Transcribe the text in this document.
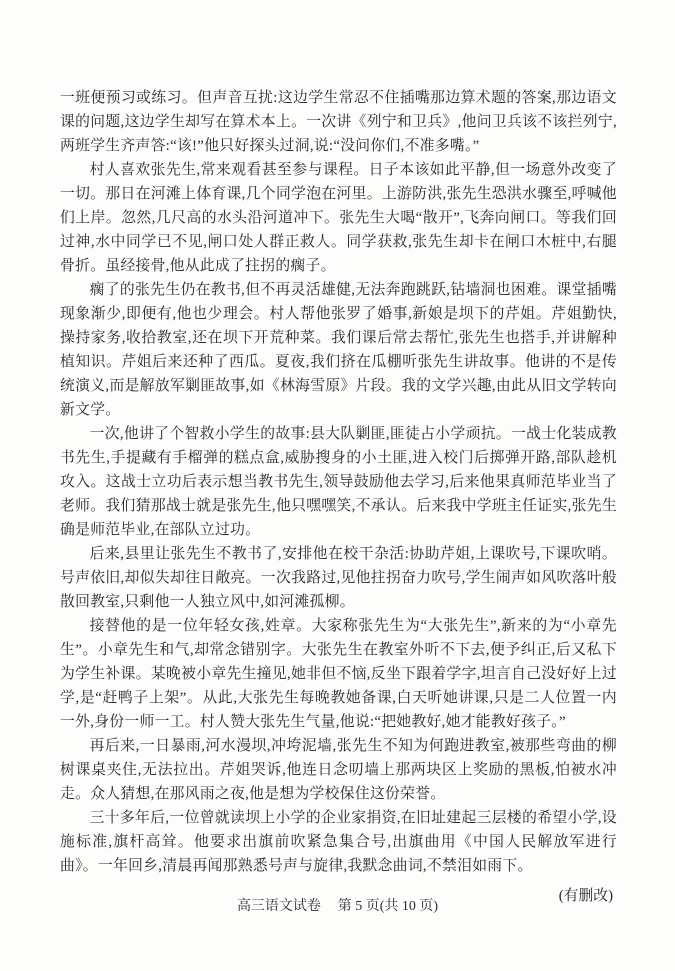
一班便预习或练习。但声音互扰:这边学生常忍不住插嘴那边算术题的答案,那边语文课的问题,这边学生却写在算术本上。一次讲《列宁和卫兵》,他问卫兵该不该拦列宁,两班学生齐声答:“该!”他只好探头过洞,说:“没问你们,不准多嘴。”

村人喜欢张先生,常来观看甚至参与课程。日子本该如此平静,但一场意外改变了一切。那日在河滩上体育课,几个同学泡在河里。上游防洪,张先生恐洪水骤至,呼喊他们上岸。忽然,几尺高的水头沿河道冲下。张先生大喝“散开”,飞奔向闸口。等我们回过神,水中同学已不见,闸口处人群正救人。同学获救,张先生却卡在闸口木桩中,右腿骨折。虽经接骨,他从此成了拄拐的瘸子。

瘸了的张先生仍在教书,但不再灵活雄健,无法奔跑跳跃,钻墙洞也困难。课堂插嘴现象渐少,即便有,他也少理会。村人帮他张罗了婚事,新娘是坝下的芹姐。芹姐勤快,操持家务,收拾教室,还在坝下开荒种菜。我们课后常去帮忙,张先生也搭手,并讲解种植知识。芹姐后来还种了西瓜。夏夜,我们挤在瓜棚听张先生讲故事。他讲的不是传统演义,而是解放军剿匪故事,如《林海雪原》片段。我的文学兴趣,由此从旧文学转向新文学。

一次,他讲了个智救小学生的故事:县大队剿匪,匪徒占小学顽抗。一战士化装成教书先生,手提藏有手榴弹的糕点盒,威胁搜身的小土匪,进入校门后掷弹开路,部队趁机攻入。这战士立功后表示想当教书先生,领导鼓励他去学习,后来他果真师范毕业当了老师。我们猜那战士就是张先生,他只嘿嘿笑,不承认。后来我中学班主任证实,张先生确是师范毕业,在部队立过功。

后来,县里让张先生不教书了,安排他在校干杂活:协助芹姐,上课吹号,下课吹哨。号声依旧,却似失却往日敞亮。一次我路过,见他拄拐奋力吹号,学生闹声如风吹落叶般散回教室,只剩他一人独立风中,如河滩孤柳。

接替他的是一位年轻女孩,姓章。大家称张先生为“大张先生”,新来的为“小章先生”。小章先生和气,却常念错别字。大张先生在教室外听不下去,便予纠正,后又私下为学生补课。某晚被小章先生撞见,她非但不恼,反坐下跟着学字,坦言自己没好好上过学,是“赶鸭子上架”。从此,大张先生每晚教她备课,白天听她讲课,只是二人位置一内一外,身份一师一工。村人赞大张先生气量,他说:“把她教好,她才能教好孩子。”

再后来,一日暴雨,河水漫坝,冲垮泥墙,张先生不知为何跑进教室,被那些弯曲的柳树课桌夹住,无法拉出。芹姐哭诉,他连日念叨墙上那两块区上奖励的黑板,怕被水冲走。众人猜想,在那风雨之夜,他是想为学校保住这份荣誉。

三十多年后,一位曾就读坝上小学的企业家捐资,在旧址建起三层楼的希望小学,设施标准,旗杆高耸。他要求出旗前吹紧急集合号,出旗曲用《中国人民解放军进行曲》。一年回乡,清晨再闻那熟悉号声与旋律,我默念曲词,不禁泪如雨下。

(有删改)

高三语文试卷 第 5 页(共 10 页)
